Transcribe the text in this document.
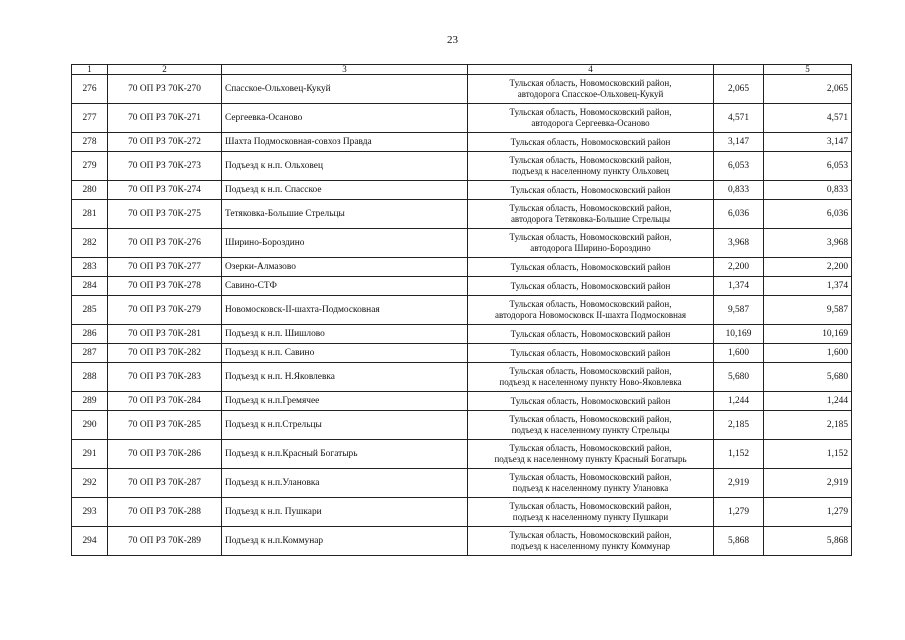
23
1	2	3	4		5
276	70 ОП РЗ 70К-270	Спасское-Ольховец-Кукуй	Тульская область, Новомосковский район,
автодорога Спасское-Ольховец-Кукуй	2,065	2,065
277	70 ОП РЗ 70К-271	Сергеевка-Осаново	Тульская область, Новомосковский район,
автодорога Сергеевка-Осаново	4,571	4,571
278	70 ОП РЗ 70К-272	Шахта Подмосковная-совхоз Правда	Тульская область, Новомосковский район	3,147	3,147
279	70 ОП РЗ 70К-273	Подъезд к н.п. Ольховец	Тульская область, Новомосковский район,
подъезд к населенному пункту Ольховец	6,053	6,053
280	70 ОП РЗ 70К-274	Подъезд к н.п. Спасское	Тульская область, Новомосковский район	0,833	0,833
281	70 ОП РЗ 70К-275	Тетяковка-Большие Стрельцы	Тульская область, Новомосковский район,
автодорога Тетяковка-Большие Стрельцы	6,036	6,036
282	70 ОП РЗ 70К-276	Ширино-Бороздино	Тульская область, Новомосковский район,
автодорога Ширино-Бороздино	3,968	3,968
283	70 ОП РЗ 70К-277	Озерки-Алмазово	Тульская область, Новомосковский район	2,200	2,200
284	70 ОП РЗ 70К-278	Савино-СТФ	Тульская область, Новомосковский район	1,374	1,374
285	70 ОП РЗ 70К-279	Новомосковск-II-шахта-Подмосковная	Тульская область, Новомосковский район,
автодорога Новомосковск II-шахта Подмосковная	9,587	9,587
286	70 ОП РЗ 70К-281	Подъезд к н.п. Шишлово	Тульская область, Новомосковский район	10,169	10,169
287	70 ОП РЗ 70К-282	Подъезд к н.п. Савино	Тульская область, Новомосковский район	1,600	1,600
288	70 ОП РЗ 70К-283	Подъезд к н.п. Н.Яковлевка	Тульская область, Новомосковский район,
подъезд к населенному пункту Ново-Яковлевка	5,680	5,680
289	70 ОП РЗ 70К-284	Подъезд к н.п.Гремячее	Тульская область, Новомосковский район	1,244	1,244
290	70 ОП РЗ 70К-285	Подъезд к н.п.Стрельцы	Тульская область, Новомосковский район,
подъезд к населенному пункту Стрельцы	2,185	2,185
291	70 ОП РЗ 70К-286	Подъезд к н.п.Красный Богатырь	Тульская область, Новомосковский район,
подъезд к населенному пункту Красный Богатырь	1,152	1,152
292	70 ОП РЗ 70К-287	Подъезд к н.п.Улановка	Тульская область, Новомосковский район,
подъезд к населенному пункту Улановка	2,919	2,919
293	70 ОП РЗ 70К-288	Подъезд к н.п. Пушкари	Тульская область, Новомосковский район,
подъезд к населенному пункту Пушкари	1,279	1,279
294	70 ОП РЗ 70К-289	Подъезд к н.п.Коммунар	Тульская область, Новомосковский район,
подъезд к населенному пункту Коммунар	5,868	5,868
